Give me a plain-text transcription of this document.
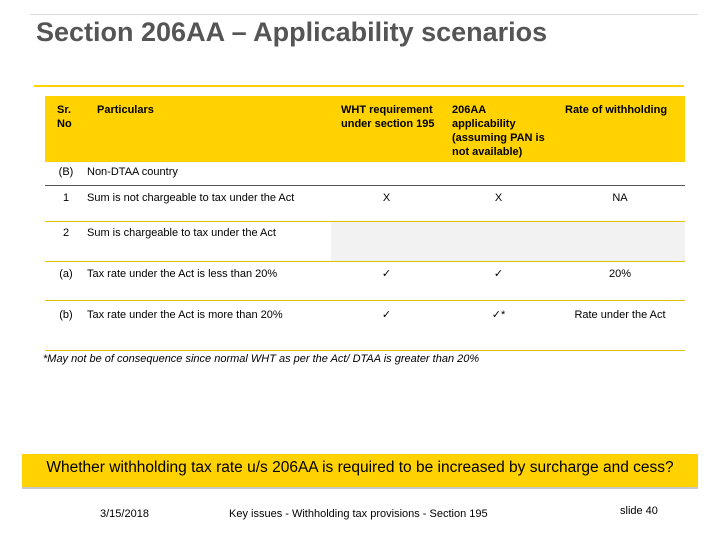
Section 206AA – Applicability scenarios
Sr. No	Particulars	WHT requirement under section 195	206AA applicability (assuming PAN is not available)	Rate of withholding
(B)	Non-DTAA country			
1	Sum is not chargeable to tax under the Act	X	X	NA
2	Sum is chargeable to tax under the Act			
(a)	Tax rate under the Act is less than 20%	✓	✓	20%
(b)	Tax rate under the Act is more than 20%	✓	✓*	Rate under the Act
*May not be of consequence since normal WHT as per the Act/ DTAA is greater than 20%
Whether withholding tax rate u/s 206AA is required to be increased by surcharge and cess?
3/15/2018	Key issues - Withholding tax provisions - Section 195	slide 40
